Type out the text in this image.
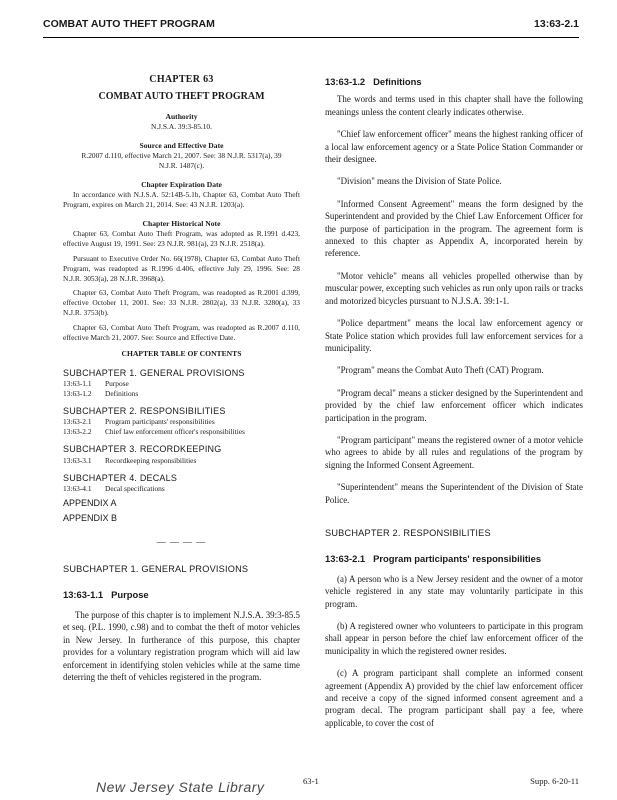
COMBAT AUTO THEFT PROGRAM	13:63-2.1
CHAPTER 63
COMBAT AUTO THEFT PROGRAM
Authority
N.J.S.A. 39:3-85.10.
Source and Effective Date
R.2007 d.110, effective March 21, 2007. See: 38 N.J.R. 5317(a), 39 N.J.R. 1487(c).
Chapter Expiration Date
In accordance with N.J.S.A. 52:14B-5.1b, Chapter 63, Combat Auto Theft Program, expires on March 21, 2014. See: 43 N.J.R. 1203(a).
Chapter Historical Note

Chapter 63, Combat Auto Theft Program, was adopted as R.1991 d.423, effective August 19, 1991. See: 23 N.J.R. 981(a), 23 N.J.R. 2518(a).

Pursuant to Executive Order No. 66(1978), Chapter 63, Combat Auto Theft Program, was readopted as R.1996 d.406, effective July 29, 1996. See: 28 N.J.R. 3053(a), 28 N.J.R. 3968(a).

Chapter 63, Combat Auto Theft Program, was readopted as R.2001 d.399, effective October 11, 2001. See: 33 N.J.R. 2802(a), 33 N.J.R. 3280(a), 33 N.J.R. 3753(b).

Chapter 63, Combat Auto Theft Program, was readopted as R.2007 d.110, effective March 21, 2007. See: Source and Effective Date.

CHAPTER TABLE OF CONTENTS
SUBCHAPTER 1. GENERAL PROVISIONS
13:63-1.1 Purpose
13:63-1.2 Definitions
SUBCHAPTER 2. RESPONSIBILITIES
13:63-2.1 Program participants' responsibilities
13:63-2.2 Chief law enforcement officer's responsibilities
SUBCHAPTER 3. RECORDKEEPING
13:63-3.1 Recordkeeping responsibilities
SUBCHAPTER 4. DECALS
13:63-4.1 Decal specifications
APPENDIX A
APPENDIX B
— — — —
SUBCHAPTER 1. GENERAL PROVISIONS
13:63-1.1 Purpose

The purpose of this chapter is to implement N.J.S.A. 39:3-85.5 et seq. (P.L. 1990, c.98) and to combat the theft of motor vehicles in New Jersey. In furtherance of this purpose, this chapter provides for a voluntary registration program which will aid law enforcement in identifying stolen vehicles while at the same time deterring the theft of vehicles registered in the program.

13:63-1.2 Definitions

The words and terms used in this chapter shall have the following meanings unless the content clearly indicates otherwise.

"Chief law enforcement officer" means the highest ranking officer of a local law enforcement agency or a State Police Station Commander or their designee.

"Division" means the Division of State Police.

"Informed Consent Agreement" means the form designed by the Superintendent and provided by the Chief Law Enforcement Officer for the purpose of participation in the program. The agreement form is annexed to this chapter as Appendix A, incorporated herein by reference.

"Motor vehicle" means all vehicles propelled otherwise than by muscular power, excepting such vehicles as run only upon rails or tracks and motorized bicycles pursuant to N.J.S.A. 39:1-1.

"Police department" means the local law enforcement agency or State Police station which provides full law enforcement services for a municipality.

"Program" means the Combat Auto Theft (CAT) Program.

"Program decal" means a sticker designed by the Superintendent and provided by the chief law enforcement officer which indicates participation in the program.

"Program participant" means the registered owner of a motor vehicle who agrees to abide by all rules and regulations of the program by signing the Informed Consent Agreement.

"Superintendent" means the Superintendent of the Division of State Police.

SUBCHAPTER 2. RESPONSIBILITIES
13:63-2.1 Program participants' responsibilities

(a) A person who is a New Jersey resident and the owner of a motor vehicle registered in any state may voluntarily participate in this program.

(b) A registered owner who volunteers to participate in this program shall appear in person before the chief law enforcement officer of the municipality in which the registered owner resides.

(c) A program participant shall complete an informed consent agreement (Appendix A) provided by the chief law enforcement officer and receive a copy of the signed informed consent agreement and a program decal. The program participant shall pay a fee, where applicable, to cover the cost of

63-1	Supp. 6-20-11
New Jersey State Library
